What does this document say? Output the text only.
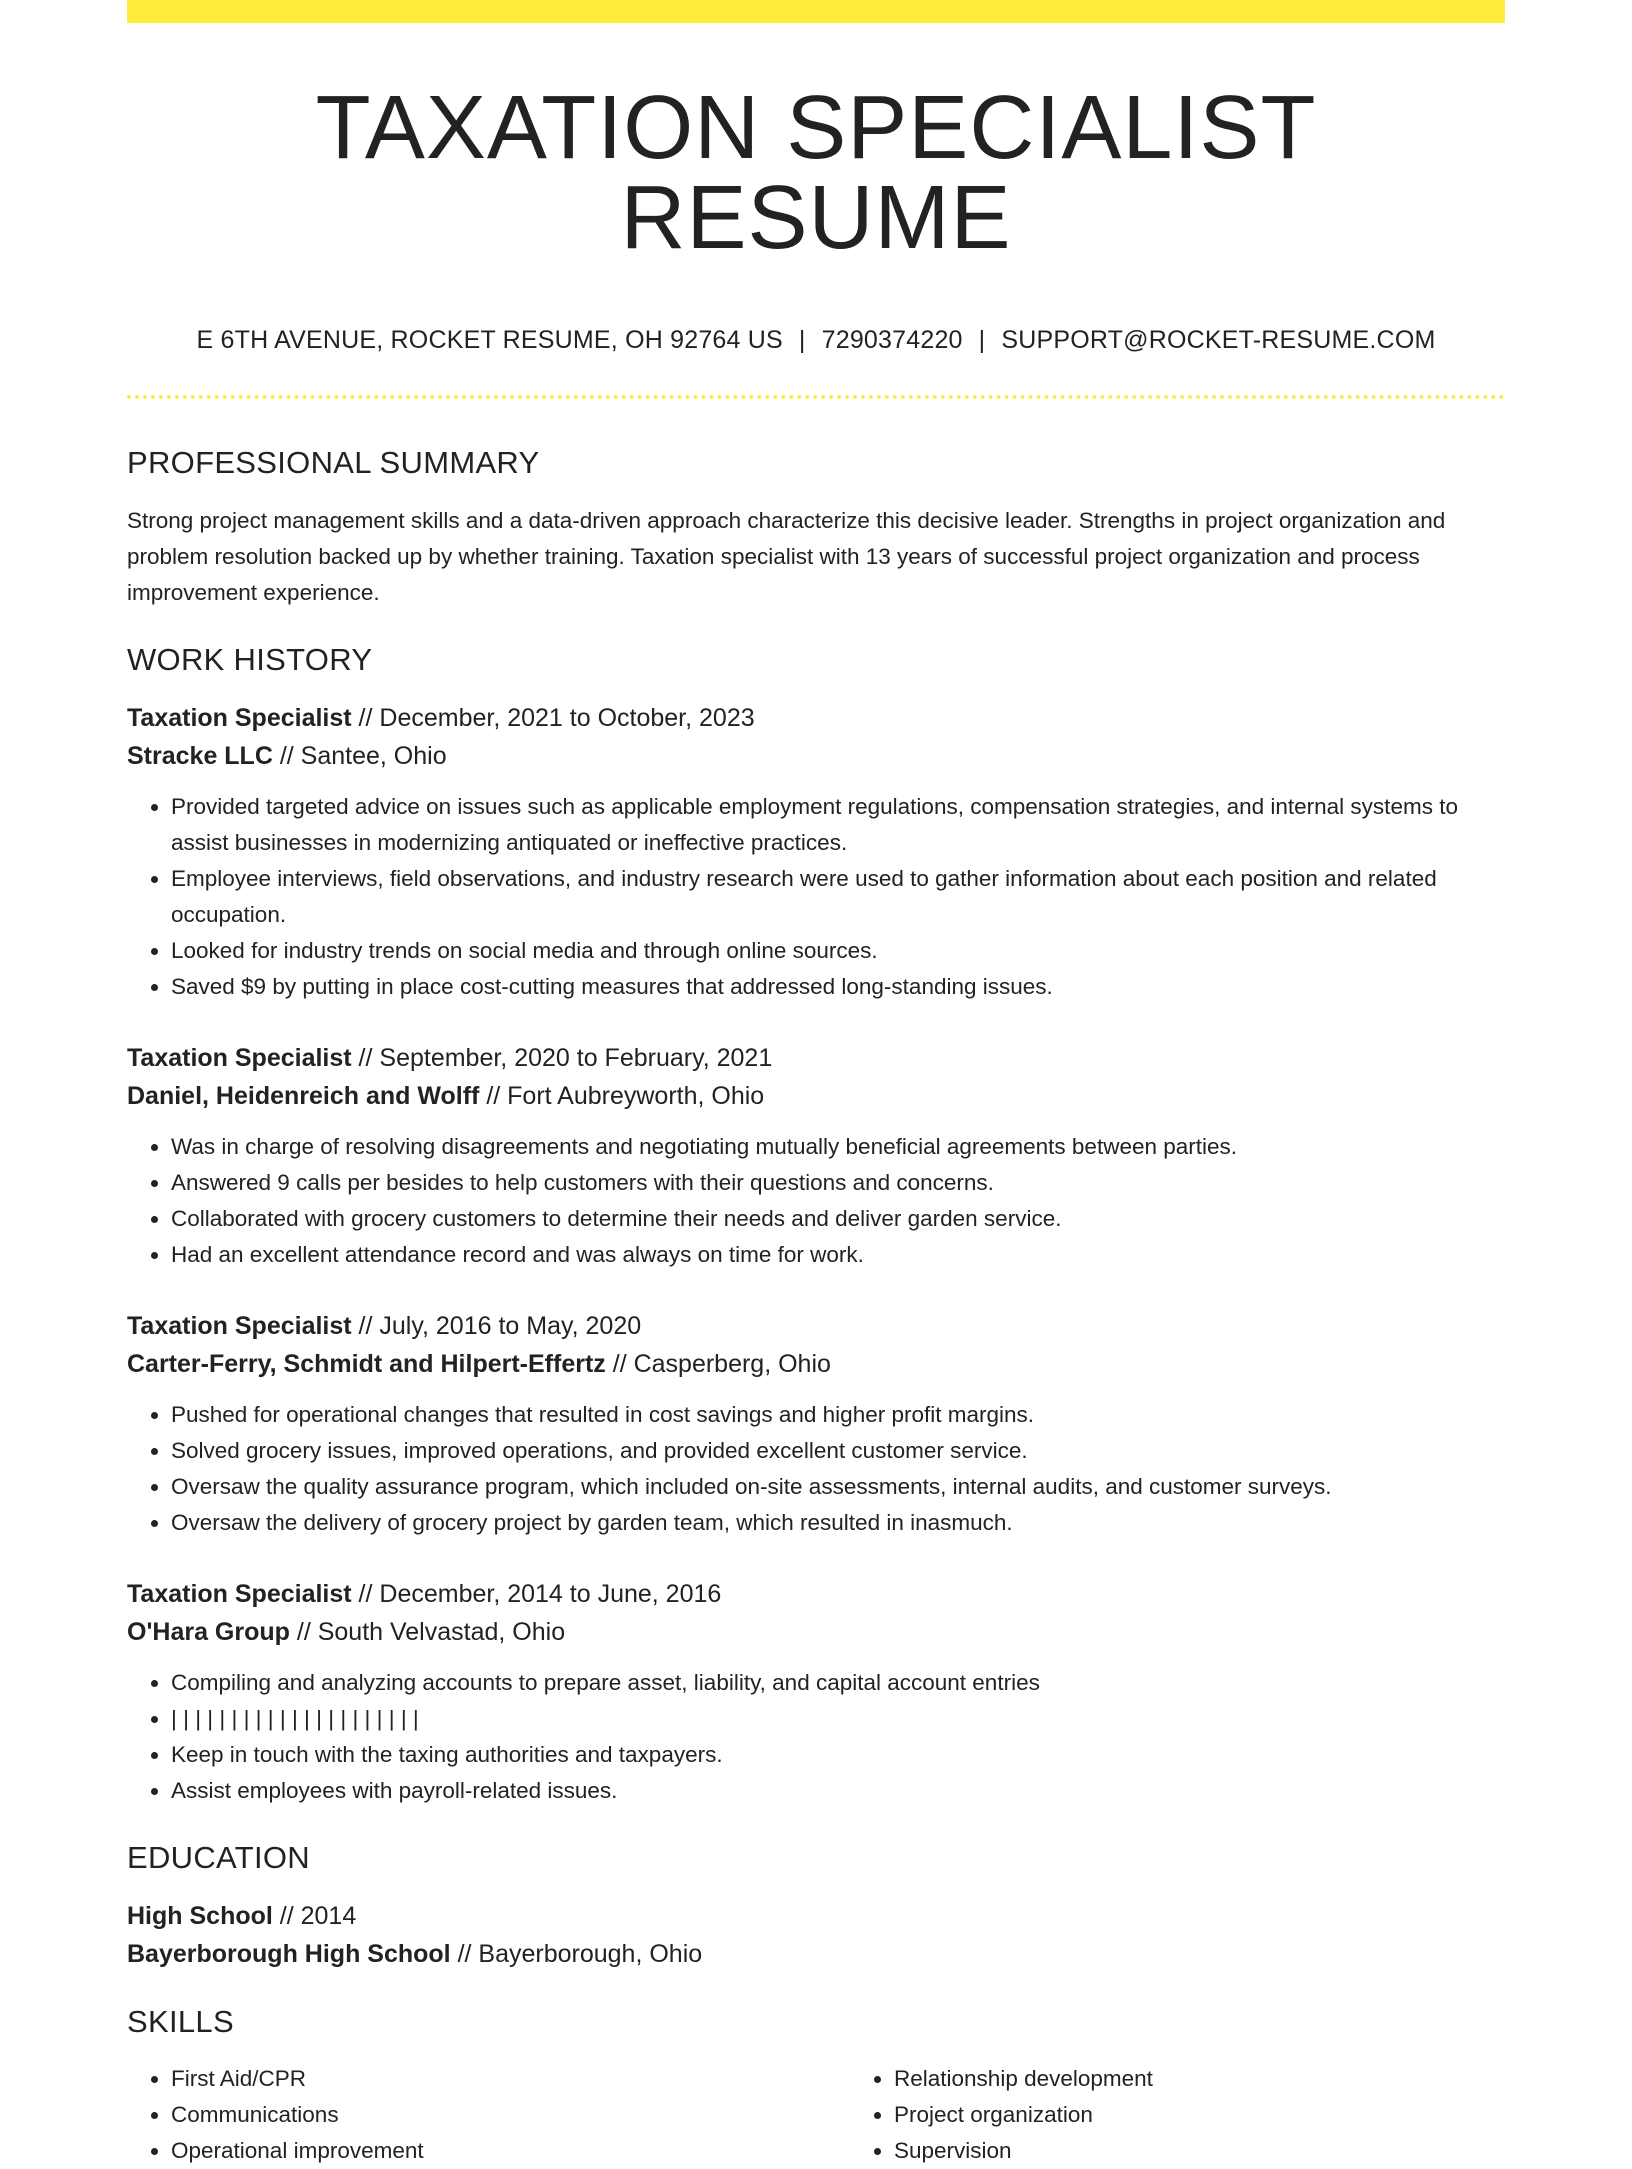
TAXATION SPECIALIST RESUME
E 6TH AVENUE, ROCKET RESUME, OH 92764 US | 7290374220 | SUPPORT@ROCKET-RESUME.COM
PROFESSIONAL SUMMARY

Strong project management skills and a data-driven approach characterize this decisive leader. Strengths in project organization and problem resolution backed up by whether training. Taxation specialist with 13 years of successful project organization and process improvement experience.

WORK HISTORY
Taxation Specialist // December, 2021 to October, 2023
Stracke LLC // Santee, Ohio
• Provided targeted advice on issues such as applicable employment regulations, compensation strategies, and internal systems to assist businesses in modernizing antiquated or ineffective practices.
• Employee interviews, field observations, and industry research were used to gather information about each position and related occupation.
• Looked for industry trends on social media and through online sources.
• Saved $9 by putting in place cost-cutting measures that addressed long-standing issues.
Taxation Specialist // September, 2020 to February, 2021
Daniel, Heidenreich and Wolff // Fort Aubreyworth, Ohio
• Was in charge of resolving disagreements and negotiating mutually beneficial agreements between parties.
• Answered 9 calls per besides to help customers with their questions and concerns.
• Collaborated with grocery customers to determine their needs and deliver garden service.
• Had an excellent attendance record and was always on time for work.
Taxation Specialist // July, 2016 to May, 2020
Carter-Ferry, Schmidt and Hilpert-Effertz // Casperberg, Ohio
• Pushed for operational changes that resulted in cost savings and higher profit margins.
• Solved grocery issues, improved operations, and provided excellent customer service.
• Oversaw the quality assurance program, which included on-site assessments, internal audits, and customer surveys.
• Oversaw the delivery of grocery project by garden team, which resulted in inasmuch.
Taxation Specialist // December, 2014 to June, 2016
O'Hara Group // South Velvastad, Ohio
• Compiling and analyzing accounts to prepare asset, liability, and capital account entries
• | | | | | | | | | | | | | | | | | | | | |
• Keep in touch with the taxing authorities and taxpayers.
• Assist employees with payroll-related issues.
EDUCATION
High School // 2014
Bayerborough High School // Bayerborough, Ohio
SKILLS
• First Aid/CPR
• Communications
• Operational improvement
• Relationship development
• Project organization
• Supervision
